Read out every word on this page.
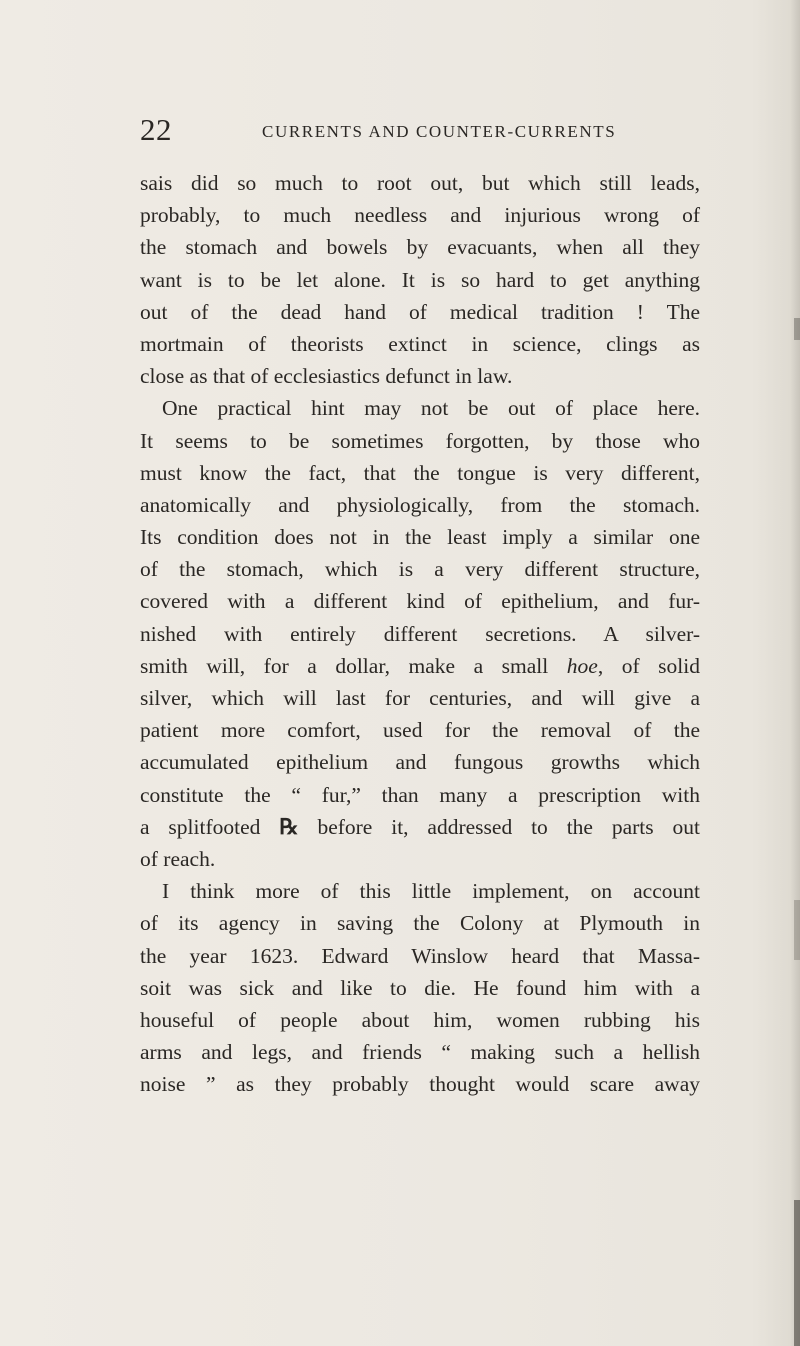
22	CURRENTS AND COUNTER-CURRENTS
sais did so much to root out, but which still leads,
probably, to much needless and injurious wrong of
the stomach and bowels by evacuants, when all they
want is to be let alone. It is so hard to get anything
out of the dead hand of medical tradition ! The
mortmain of theorists extinct in science, clings as
close as that of ecclesiastics defunct in law.
One practical hint may not be out of place here.
It seems to be sometimes forgotten, by those who
must know the fact, that the tongue is very different,
anatomically and physiologically, from the stomach.
Its condition does not in the least imply a similar one
of the stomach, which is a very different structure,
covered with a different kind of epithelium, and fur-
nished with entirely different secretions. A silver-
smith will, for a dollar, make a small hoe, of solid
silver, which will last for centuries, and will give a
patient more comfort, used for the removal of the
accumulated epithelium and fungous growths which
constitute the “ fur,” than many a prescription with
a splitfooted ℞ before it, addressed to the parts out
of reach.
I think more of this little implement, on account
of its agency in saving the Colony at Plymouth in
the year 1623. Edward Winslow heard that Massa-
soit was sick and like to die. He found him with a
houseful of people about him, women rubbing his
arms and legs, and friends “ making such a hellish
noise ” as they probably thought would scare away
